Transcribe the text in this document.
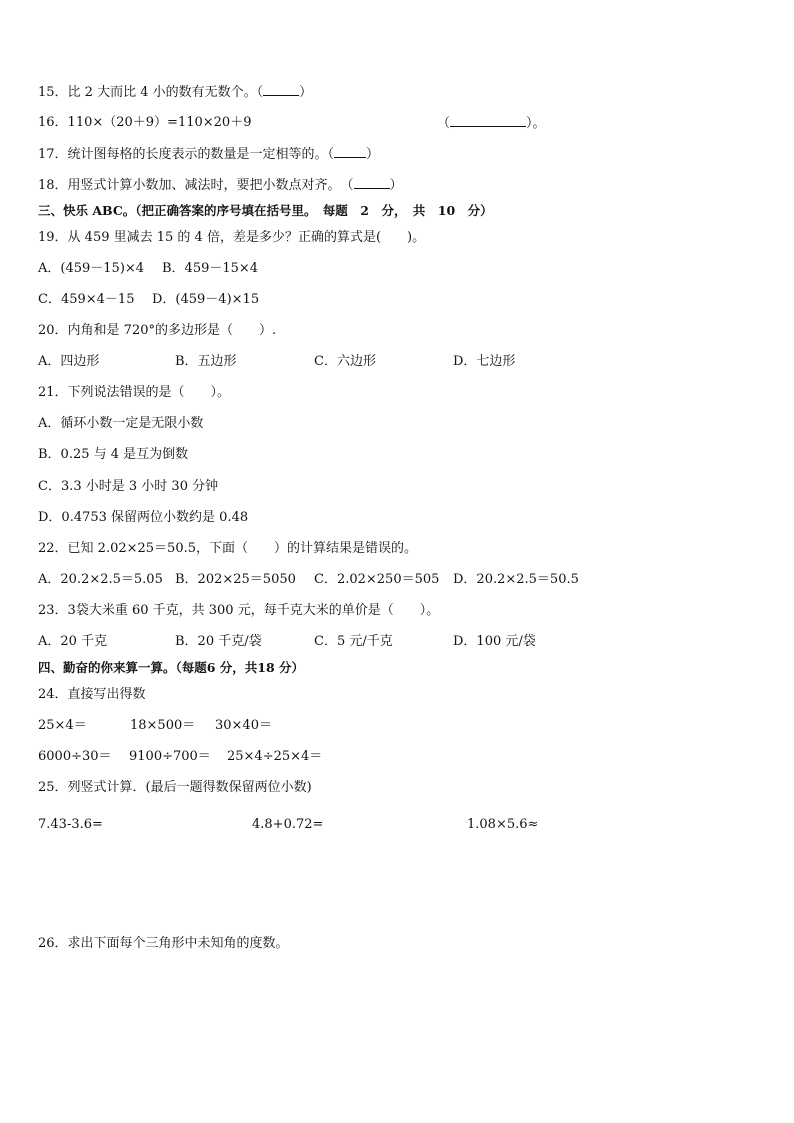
15．比 2 大而比 4 小的数有无数个。（	）
16．110×（20＋9）=110×20＋9	（	）。
17．统计图每格的长度表示的数量是一定相等的。（ ）
18．用竖式计算小数加、减法时，要把小数点对齐。　（	）
三、快乐 ABC。（把正确答案的序号填在括号里。　每题　2　分，　共　10　分）
19．从 459 里减去 15 的 4 倍，差是多少？正确的算式是(　　)。
A．(459－15)×4 B．459－15×4
C．459×4－15 D．(459－4)×15
20．内角和是 720°的多边形是（　　）.
A．四边形	B．五边形	C．六边形	D．七边形
21．下列说法错误的是（　　）。
A．循环小数一定是无限小数
B．0.25 与 4 是互为倒数
C．3.3 小时是 3 小时 30 分钟
D．0.4753 保留两位小数约是 0.48
22．已知 2.02×25＝50.5，下面（　　）的计算结果是错误的。
A．20.2×2.5＝5.05 B．202×25＝5050 C．2.02×250＝505 D．20.2×2.5＝50.5
23．3袋大米重 60 千克，共 300 元，每千克大米的单价是（　　）。
A．20 千克	B．20 千克/袋	C．5 元/千克	D．100 元/袋
四、勤奋的你来算一算。（每题6 分，共18 分）
24．直接写出得数
25×4＝	18×500＝ 30×40＝
6000÷30＝ 9100÷700＝ 25×4÷25×4＝
25．列竖式计算．(最后一题得数保留两位小数)
7.43-3.6=	4.8+0.72=	1.08×5.6≈
26．求出下面每个三角形中未知角的度数。
